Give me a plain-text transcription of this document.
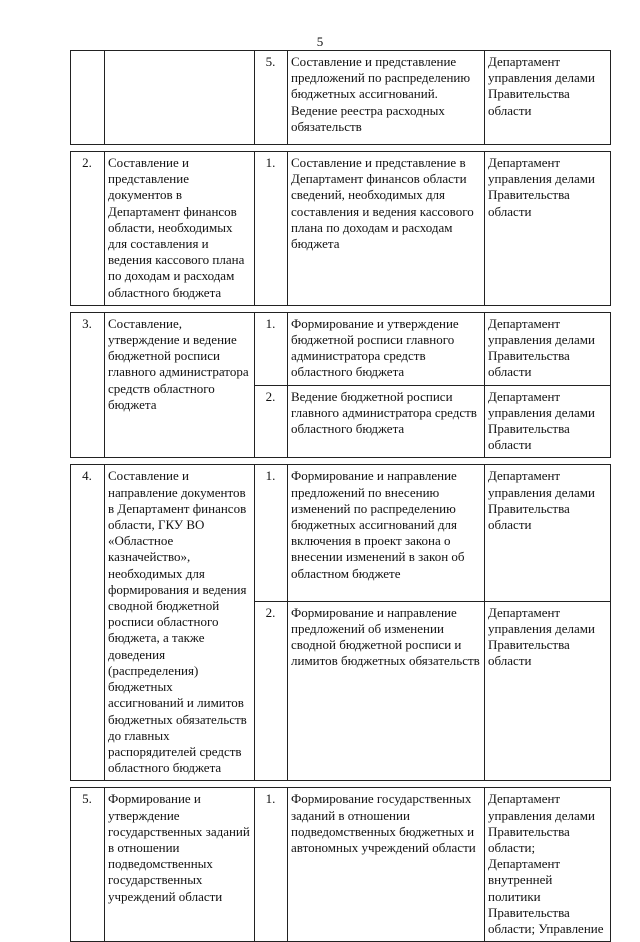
5
		5.	Составление и представление предложений по распределению бюджетных ассигнований. Ведение реестра расходных обязательств	Департамент управления делами Правительства области

2.	Составление и представление документов в Департамент финансов области, необходимых для составления и ведения кассового плана по доходам и расходам областного бюджета	1.	Составление и представление в Департамент финансов области сведений, необходимых для составления и ведения кассового плана по доходам и расходам бюджета	Департамент управления делами Правительства области

3.	Составление, утверждение и ведение бюджетной росписи главного администратора средств областного бюджета	1.	Формирование и утверждение бюджетной росписи главного администратора средств областного бюджета	Департамент управления делами Правительства области
		2.	Ведение бюджетной росписи главного администратора средств областного бюджета	Департамент управления делами Правительства области

4.	Составление и направление документов в Департамент финансов области, ГКУ ВО «Областное казначейство», необходимых для формирования и ведения сводной бюджетной росписи областного бюджета, а также доведения (распределения) бюджетных ассигнований и лимитов бюджетных обязательств до главных распорядителей средств областного бюджета	1.	Формирование и направление предложений по внесению изменений по распределению бюджетных ассигнований для включения в проект закона о внесении изменений в закон об областном бюджете	Департамент управления делами Правительства области
		2.	Формирование и направление предложений об изменении сводной бюджетной росписи и лимитов бюджетных обязательств	Департамент управления делами Правительства области

5.	Формирование и утверждение государственных заданий в отношении подведомственных государственных учреждений области	1.	Формирование государственных заданий в отношении подведомственных бюджетных и автономных учреждений области	Департамент управления делами Правительства области; Департамент внутренней политики Правительства области; Управление
